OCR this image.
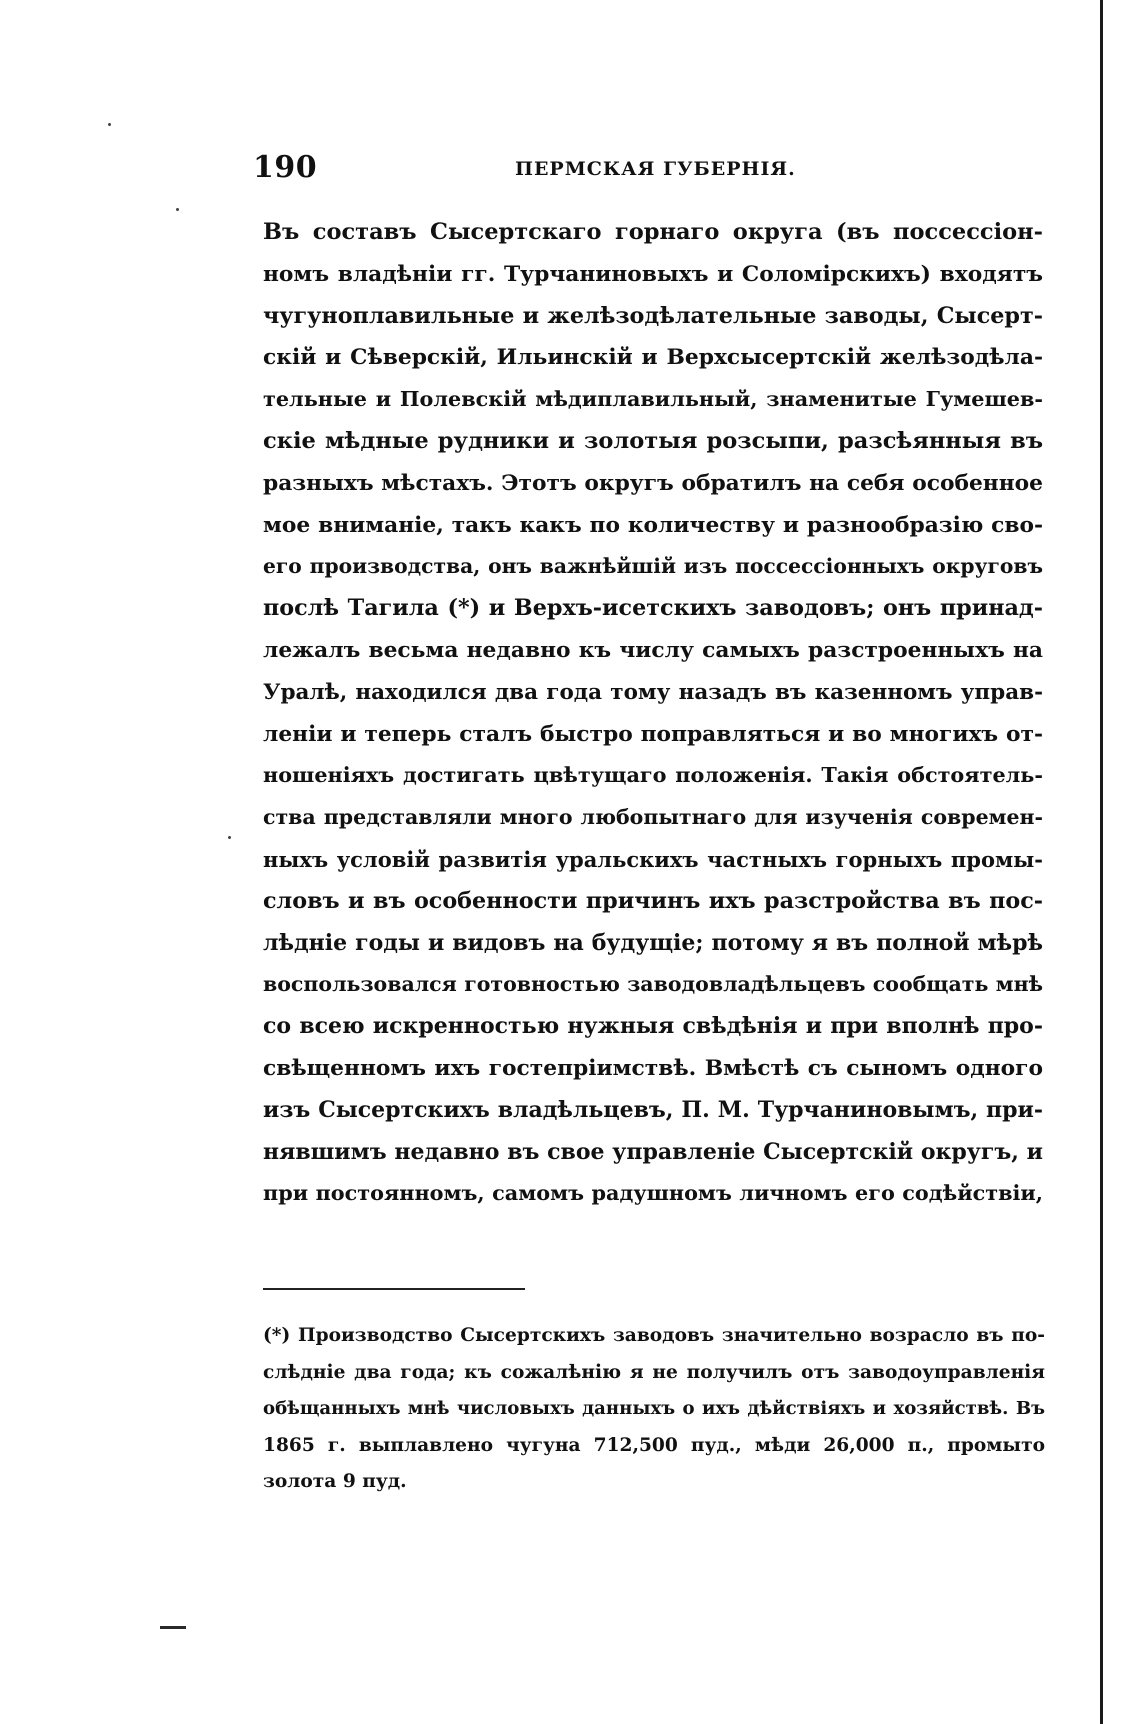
190	ПЕРМСКАЯ ГУБЕРНІЯ.
Въ составъ Сысертскаго горнаго округа (въ поссессіон-
номъ владѣніи гг. Турчаниновыхъ и Соломірскихъ) входятъ
чугуноплавильные и желѣзодѣлательные заводы, Сысерт-
скій и Сѣверскій, Ильинскій и Верхсысертскій желѣзодѣла-
тельные и Полевскій мѣдиплавильный, знаменитые Гумешев-
скіе мѣдные рудники и золотыя розсыпи, разсѣянныя въ
разныхъ мѣстахъ. Этотъ округъ обратилъ на себя особенное
мое вниманіе, такъ какъ по количеству и разнообразію сво-
его производства, онъ важнѣйшій изъ поссессіонныхъ округовъ
послѣ Тагила (*) и Верхъ-исетскихъ заводовъ; онъ принад-
лежалъ весьма недавно къ числу самыхъ разстроенныхъ на
Уралѣ, находился два года тому назадъ въ казенномъ управ-
леніи и теперь сталъ быстро поправляться и во многихъ от-
ношеніяхъ достигать цвѣтущаго положенія. Такія обстоятель-
ства представляли много любопытнаго для изученія современ-
ныхъ условій развитія уральскихъ частныхъ горныхъ промы-
словъ и въ особенности причинъ ихъ разстройства въ пос-
лѣдніе годы и видовъ на будущіе; потому я въ полной мѣрѣ
воспользовался готовностью заводовладѣльцевъ сообщать мнѣ
со всею искренностью нужныя свѣдѣнія и при вполнѣ про-
свѣщенномъ ихъ гостепріимствѣ. Вмѣстѣ съ сыномъ одного
изъ Сысертскихъ владѣльцевъ, П. М. Турчаниновымъ, при-
нявшимъ недавно въ свое управленіе Сысертскій округъ, и
при постоянномъ, самомъ радушномъ личномъ его содѣйствіи,
(*) Производство Сысертскихъ заводовъ значительно возрасло въ по-
слѣдніе два года; къ сожалѣнію я не получилъ отъ заводоуправленія
обѣщанныхъ мнѣ числовыхъ данныхъ о ихъ дѣйствіяхъ и хозяйствѣ. Въ
1865 г. выплавлено чугуна 712,500 пуд., мѣди 26,000 п., промыто
золота 9 пуд.
